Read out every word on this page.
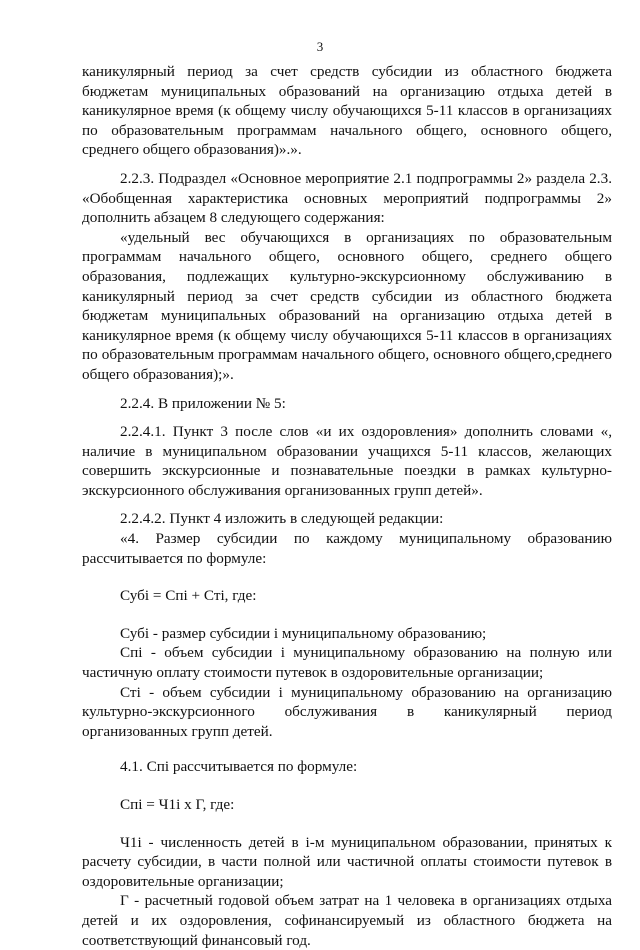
3

каникулярный период за счет средств субсидии из областного бюджета бюджетам муниципальных образований на организацию отдыха детей в каникулярное время (к общему числу обучающихся 5-11 классов в организациях по образовательным программам начального общего, основного общего, среднего общего образования)».».

2.2.3. Подраздел «Основное мероприятие 2.1 подпрограммы 2» раздела 2.3. «Обобщенная характеристика основных мероприятий подпрограммы 2» дополнить абзацем 8 следующего содержания:

«удельный вес обучающихся в организациях по образовательным программам начального общего, основного общего, среднего общего образования, подлежащих культурно-экскурсионному обслуживанию в каникулярный период за счет средств субсидии из областного бюджета бюджетам муниципальных образований на организацию отдыха детей в каникулярное время (к общему числу обучающихся 5-11 классов в организациях по образовательным программам начального общего, основного общего,среднего общего образования);».

2.2.4. В приложении № 5:

2.2.4.1. Пункт 3 после слов «и их оздоровления» дополнить словами «, наличие в муниципальном образовании учащихся 5-11 классов, желающих совершить экскурсионные и познавательные поездки в рамках культурно-экскурсионного обслуживания организованных групп детей».

2.2.4.2. Пункт 4 изложить в следующей редакции:

«4. Размер субсидии по каждому муниципальному образованию рассчитывается по формуле:

Субi = Спi + Стi, где:

Субi - размер субсидии i муниципальному образованию;

Спi - объем субсидии i муниципальному образованию на полную или частичную оплату стоимости путевок в оздоровительные организации;

Стi - объем субсидии i муниципальному образованию на организацию культурно-экскурсионного обслуживания в каникулярный период организованных групп детей.

4.1. Спi рассчитывается по формуле:

Спi = Ч1i х Г, где:

Ч1i - численность детей в i-м муниципальном образовании, принятых к расчету субсидии, в части полной или частичной оплаты стоимости путевок в оздоровительные организации;

Г - расчетный годовой объем затрат на 1 человека в организациях отдыха детей и их оздоровления, софинансируемый из областного бюджета на соответствующий финансовый год.
